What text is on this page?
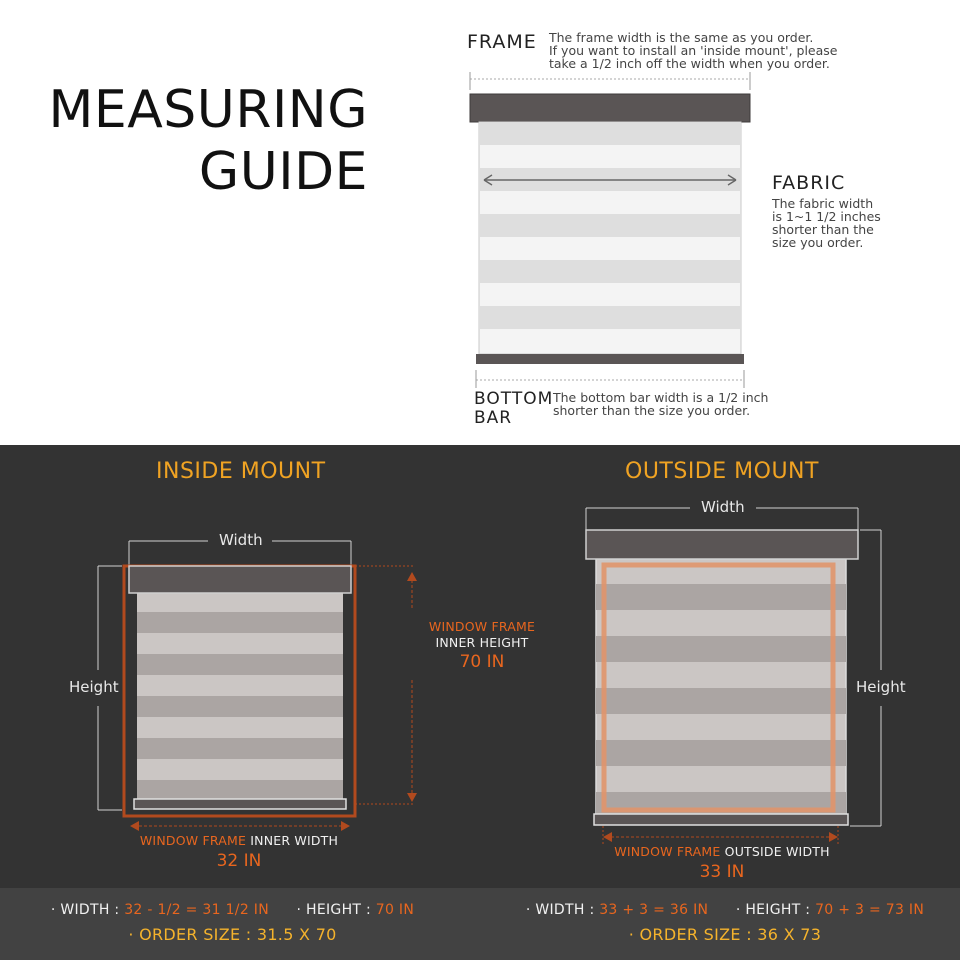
MEASURING
GUIDE
FRAME The frame width is the same as you order.
If you want to install an 'inside mount', please
take a 1/2 inch off the width when you order.
FABRIC
The fabric width
is 1~1 1/2 inches
shorter than the
size you order.
BOTTOM
BAR
The bottom bar width is a 1/2 inch
shorter than the size you order.
INSIDE MOUNT	OUTSIDE MOUNT
Width
Height
WINDOW FRAME
INNER HEIGHT
70 IN
WINDOW FRAME INNER WIDTH
32 IN
Width
Height
WINDOW FRAME OUTSIDE WIDTH
33 IN
· WIDTH : 32 - 1/2 = 31 1/2 IN · HEIGHT : 70 IN
· ORDER SIZE : 31.5 X 70
· WIDTH : 33 + 3 = 36 IN · HEIGHT : 70 + 3 = 73 IN
· ORDER SIZE : 36 X 73
